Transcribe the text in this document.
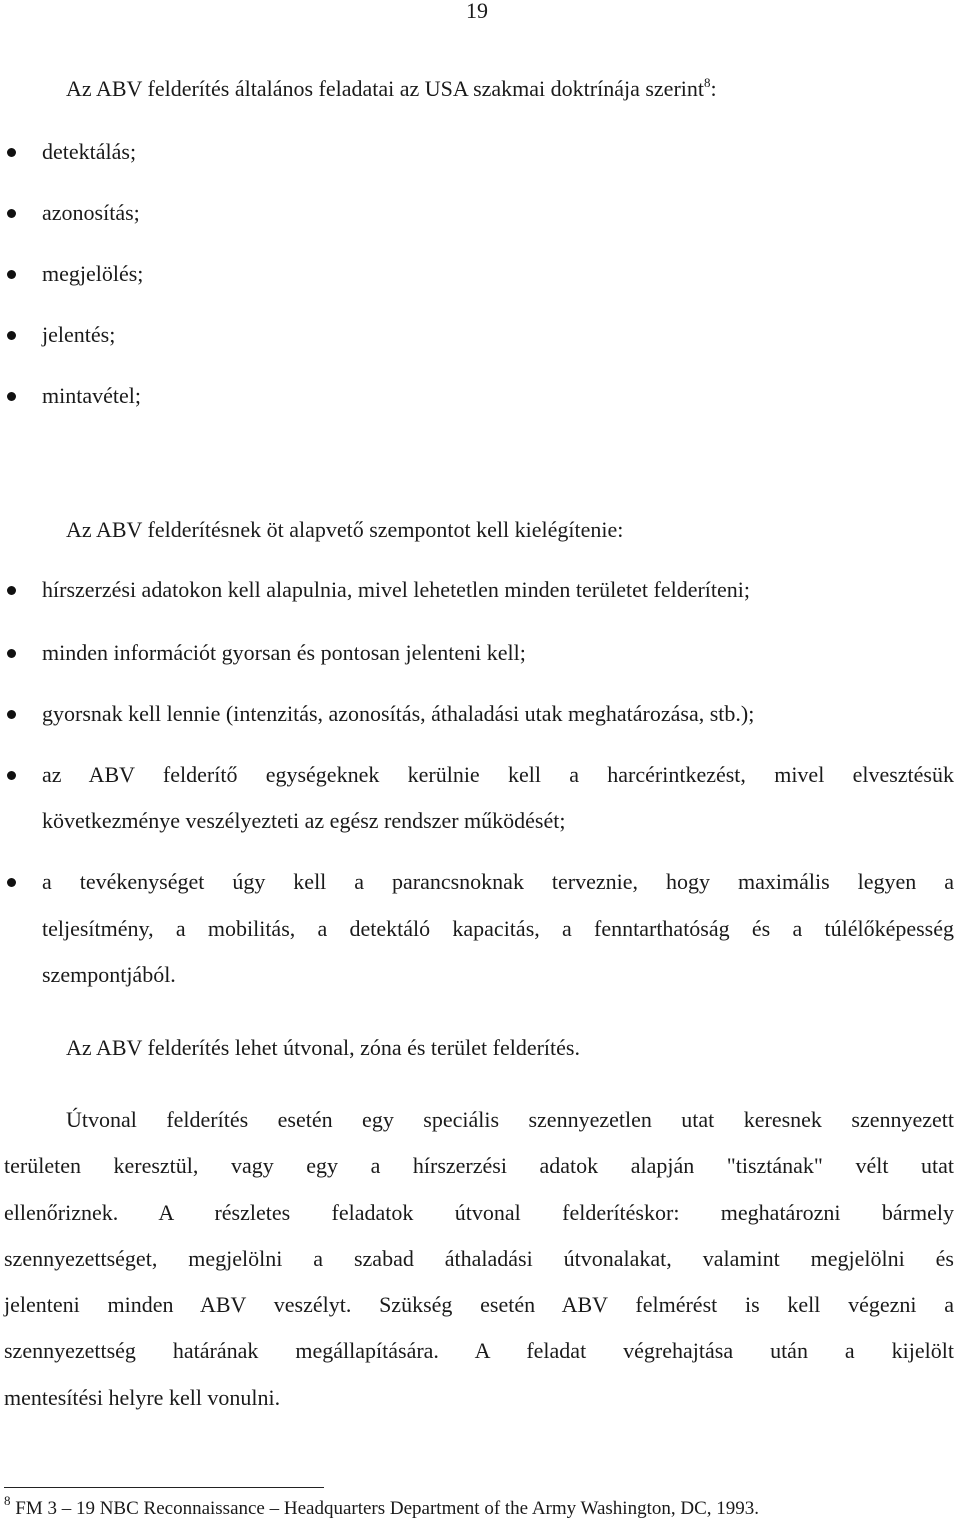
19
Az ABV felderítés általános feladatai az USA szakmai doktrínája szerint$^8$:
detektálás;
azonosítás;
megjelölés;
jelentés;
mintavétel;
Az ABV felderítésnek öt alapvető szempontot kell kielégítenie:
hírszerzési adatokon kell alapulnia, mivel lehetetlen minden területet felderíteni;
minden információt gyorsan és pontosan jelenteni kell;
gyorsnak kell lennie (intenzitás, azonosítás, áthaladási utak meghatározása, stb.);
az ABV felderítő egységeknek kerülnie kell a harcérintkezést, mivel elvesztésük
következménye veszélyezteti az egész rendszer működését;
a tevékenységet úgy kell a parancsnoknak terveznie, hogy maximális legyen a
teljesítmény, a mobilitás, a detektáló kapacitás, a fenntarthatóság és a túlélőképesség
szempontjából.
Az ABV felderítés lehet útvonal, zóna és terület felderítés.
Útvonal felderítés esetén egy speciális szennyezetlen utat keresnek szennyezett
területen keresztül, vagy egy a hírszerzési adatok alapján "tisztának" vélt utat
ellenőriznek. A részletes feladatok útvonal felderítéskor: meghatározni bármely
szennyezettséget, megjelölni a szabad áthaladási útvonalakat, valamint megjelölni és
jelenteni minden ABV veszélyt. Szükség esetén ABV felmérést is kell végezni a
szennyezettség határának megállapítására. A feladat végrehajtása után a kijelölt
mentesítési helyre kell vonulni.
$^8$ FM 3 – 19 NBC Reconnaissance – Headquarters Department of the Army Washington, DC, 1993.
